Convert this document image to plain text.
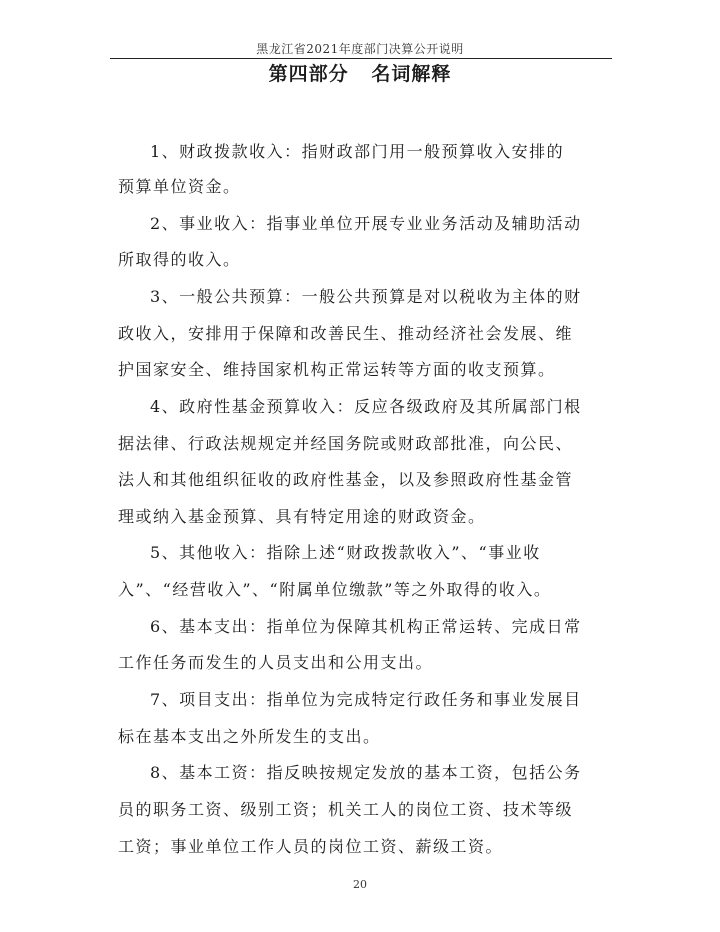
黑龙江省2021年度部门决算公开说明
第四部分   名词解释
1、财政拨款收入：指财政部门用一般预算收入安排的
预算单位资金。
2、事业收入：指事业单位开展专业业务活动及辅助活动
所取得的收入。
3、一般公共预算：一般公共预算是对以税收为主体的财
政收入，安排用于保障和改善民生、推动经济社会发展、维
护国家安全、维持国家机构正常运转等方面的收支预算。
4、政府性基金预算收入：反应各级政府及其所属部门根
据法律、行政法规规定并经国务院或财政部批准，向公民、
法人和其他组织征收的政府性基金，以及参照政府性基金管
理或纳入基金预算、具有特定用途的财政资金。
5、其他收入：指除上述“财政拨款收入”、“事业收
入”、“经营收入”、“附属单位缴款”等之外取得的收入。
6、基本支出：指单位为保障其机构正常运转、完成日常
工作任务而发生的人员支出和公用支出。
7、项目支出：指单位为完成特定行政任务和事业发展目
标在基本支出之外所发生的支出。
8、基本工资：指反映按规定发放的基本工资，包括公务
员的职务工资、级别工资；机关工人的岗位工资、技术等级
工资；事业单位工作人员的岗位工资、薪级工资。
20
